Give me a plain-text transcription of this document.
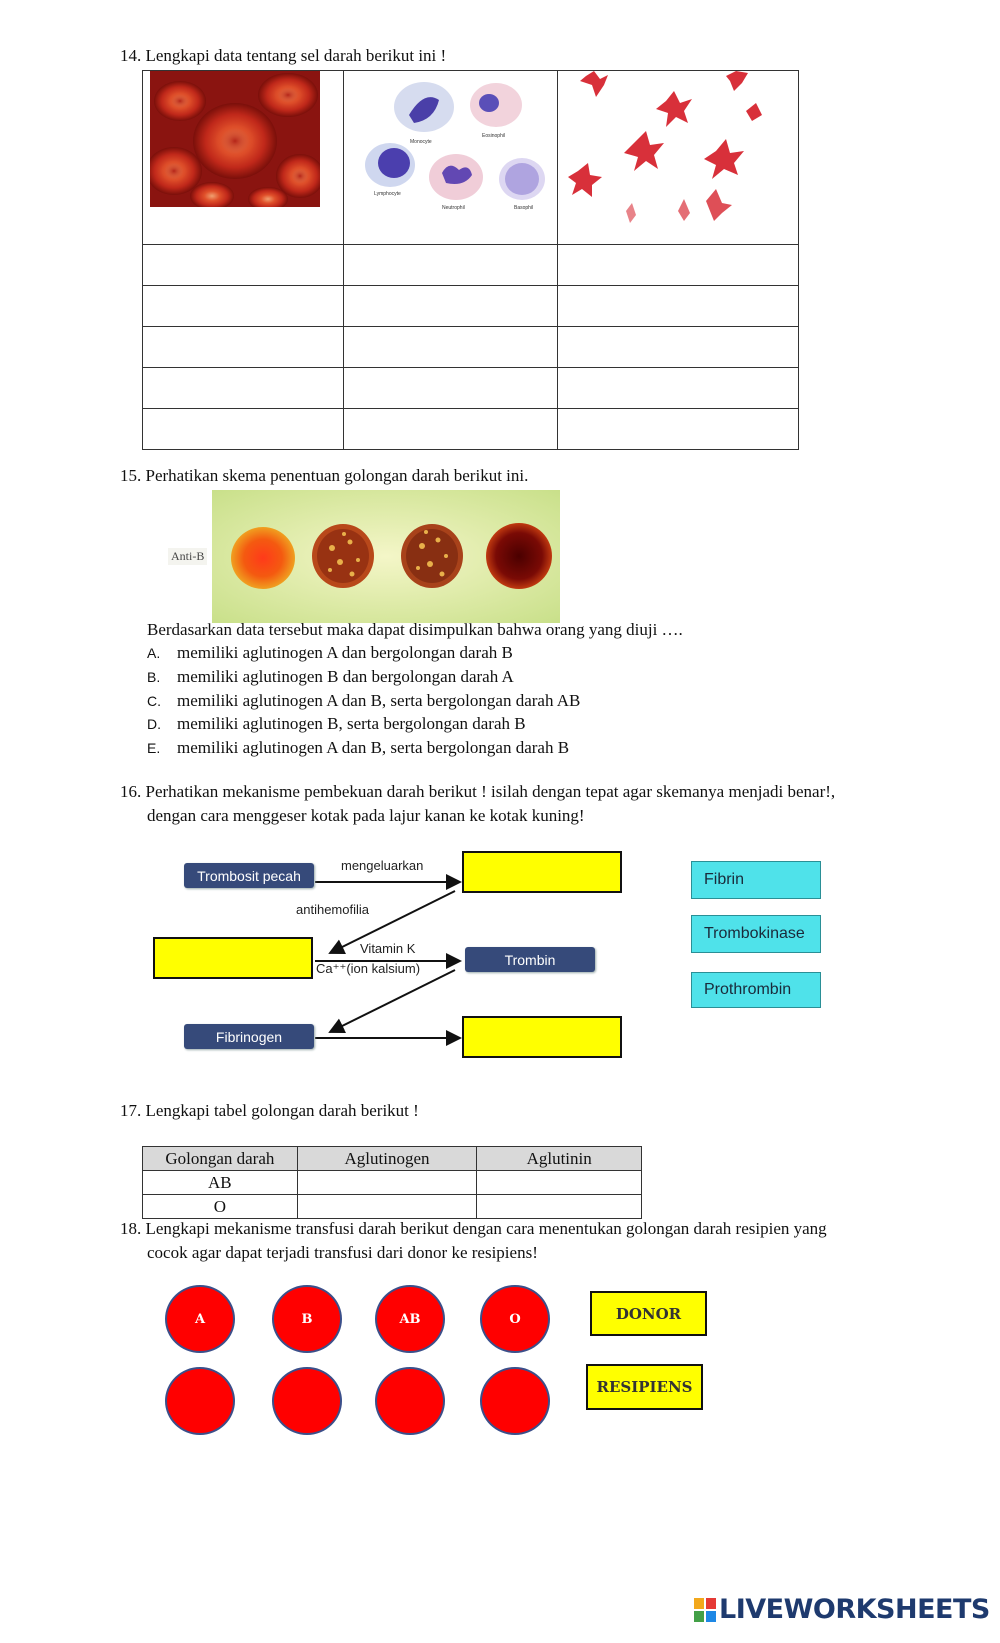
14. Lengkapi data tentang sel darah berikut ini !

Monocyte
Eosinophil
Lymphocyte
Neutrophil Basophil

15. Perhatikan skema penentuan golongan darah berikut ini.
Anti-B
Berdasarkan data tersebut maka dapat disimpulkan bahwa orang yang diuji ….
A. memiliki aglutinogen A dan bergolongan darah B
B. memiliki aglutinogen B dan bergolongan darah A
C. memiliki aglutinogen A dan B, serta bergolongan darah AB
D. memiliki aglutinogen B, serta bergolongan darah B
E. memiliki aglutinogen A dan B, serta bergolongan darah B
16. Perhatikan mekanisme pembekuan darah berikut ! isilah dengan tepat agar skemanya menjadi benar!,
dengan cara menggeser kotak pada lajur kanan ke kotak kuning!
Trombosit pecah
mengeluarkan
antihemofilia
Vitamin K
Ca⁺⁺(ion kalsium)
Trombin
Fibrinogen
Fibrin
Trombokinase
Prothrombin
17. Lengkapi tabel golongan darah berikut !
Golongan darah	Aglutinogen	Aglutinin
AB		
O		
18. Lengkapi mekanisme transfusi darah berikut dengan cara menentukan golongan darah resipien yang
cocok agar dapat terjadi transfusi dari donor ke resipiens!
A	B	AB	O	DONOR
RESIPIENS
LIVEWORKSHEETS
